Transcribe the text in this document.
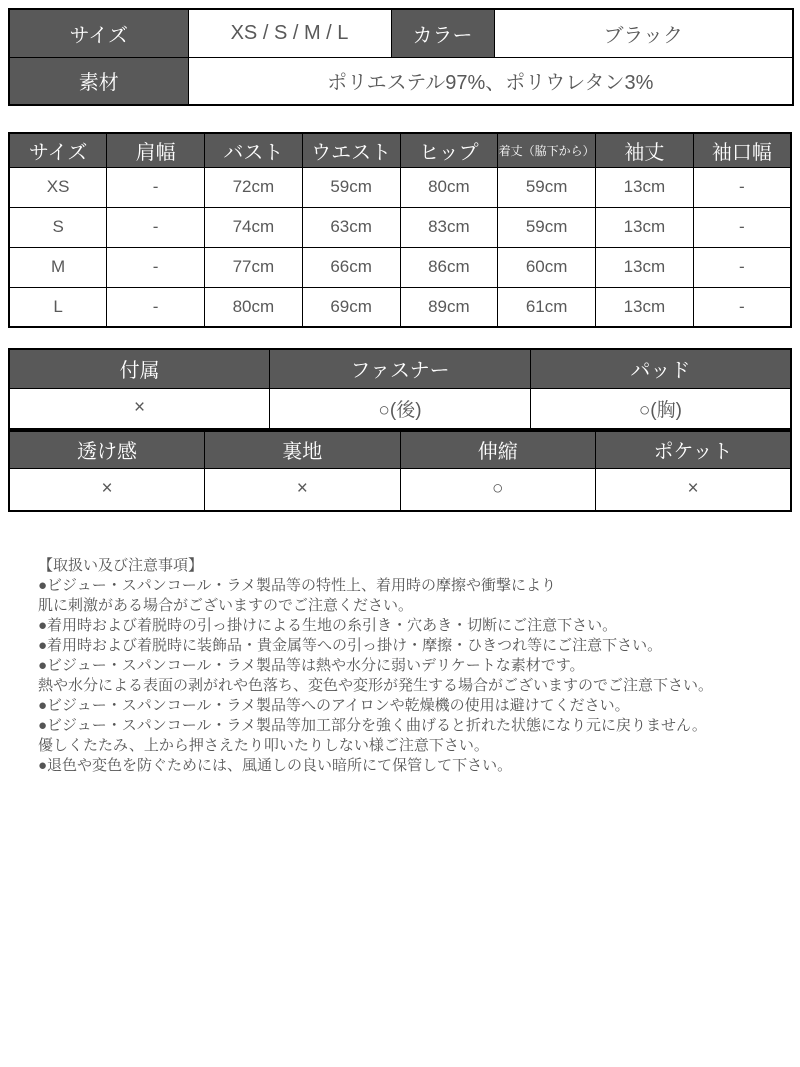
サイズ	XS / S / M / L	カラー	ブラック
素材	ポリエステル97%、ポリウレタン3%		
サイズ	肩幅	バスト	ウエスト	ヒップ	着丈（脇下から）	袖丈	袖口幅
XS	-	72cm	59cm	80cm	59cm	13cm	-
S	-	74cm	63cm	83cm	59cm	13cm	-
M	-	77cm	66cm	86cm	60cm	13cm	-
L	-	80cm	69cm	89cm	61cm	13cm	-
付属	ファスナー	パッド
×	○(後)	○(胸)
透け感	裏地	伸縮	ポケット
×	×	○	×
【取扱い及び注意事項】
●ビジュー・スパンコール・ラメ製品等の特性上、着用時の摩擦や衝撃により
肌に刺激がある場合がございますのでご注意ください。
●着用時および着脱時の引っ掛けによる生地の糸引き・穴あき・切断にご注意下さい。
●着用時および着脱時に装飾品・貴金属等への引っ掛け・摩擦・ひきつれ等にご注意下さい。
●ビジュー・スパンコール・ラメ製品等は熱や水分に弱いデリケートな素材です。
熱や水分による表面の剥がれや色落ち、変色や変形が発生する場合がございますのでご注意下さい。
●ビジュー・スパンコール・ラメ製品等へのアイロンや乾燥機の使用は避けてください。
●ビジュー・スパンコール・ラメ製品等加工部分を強く曲げると折れた状態になり元に戻りません。
優しくたたみ、上から押さえたり叩いたりしない様ご注意下さい。
●退色や変色を防ぐためには、風通しの良い暗所にて保管して下さい。
